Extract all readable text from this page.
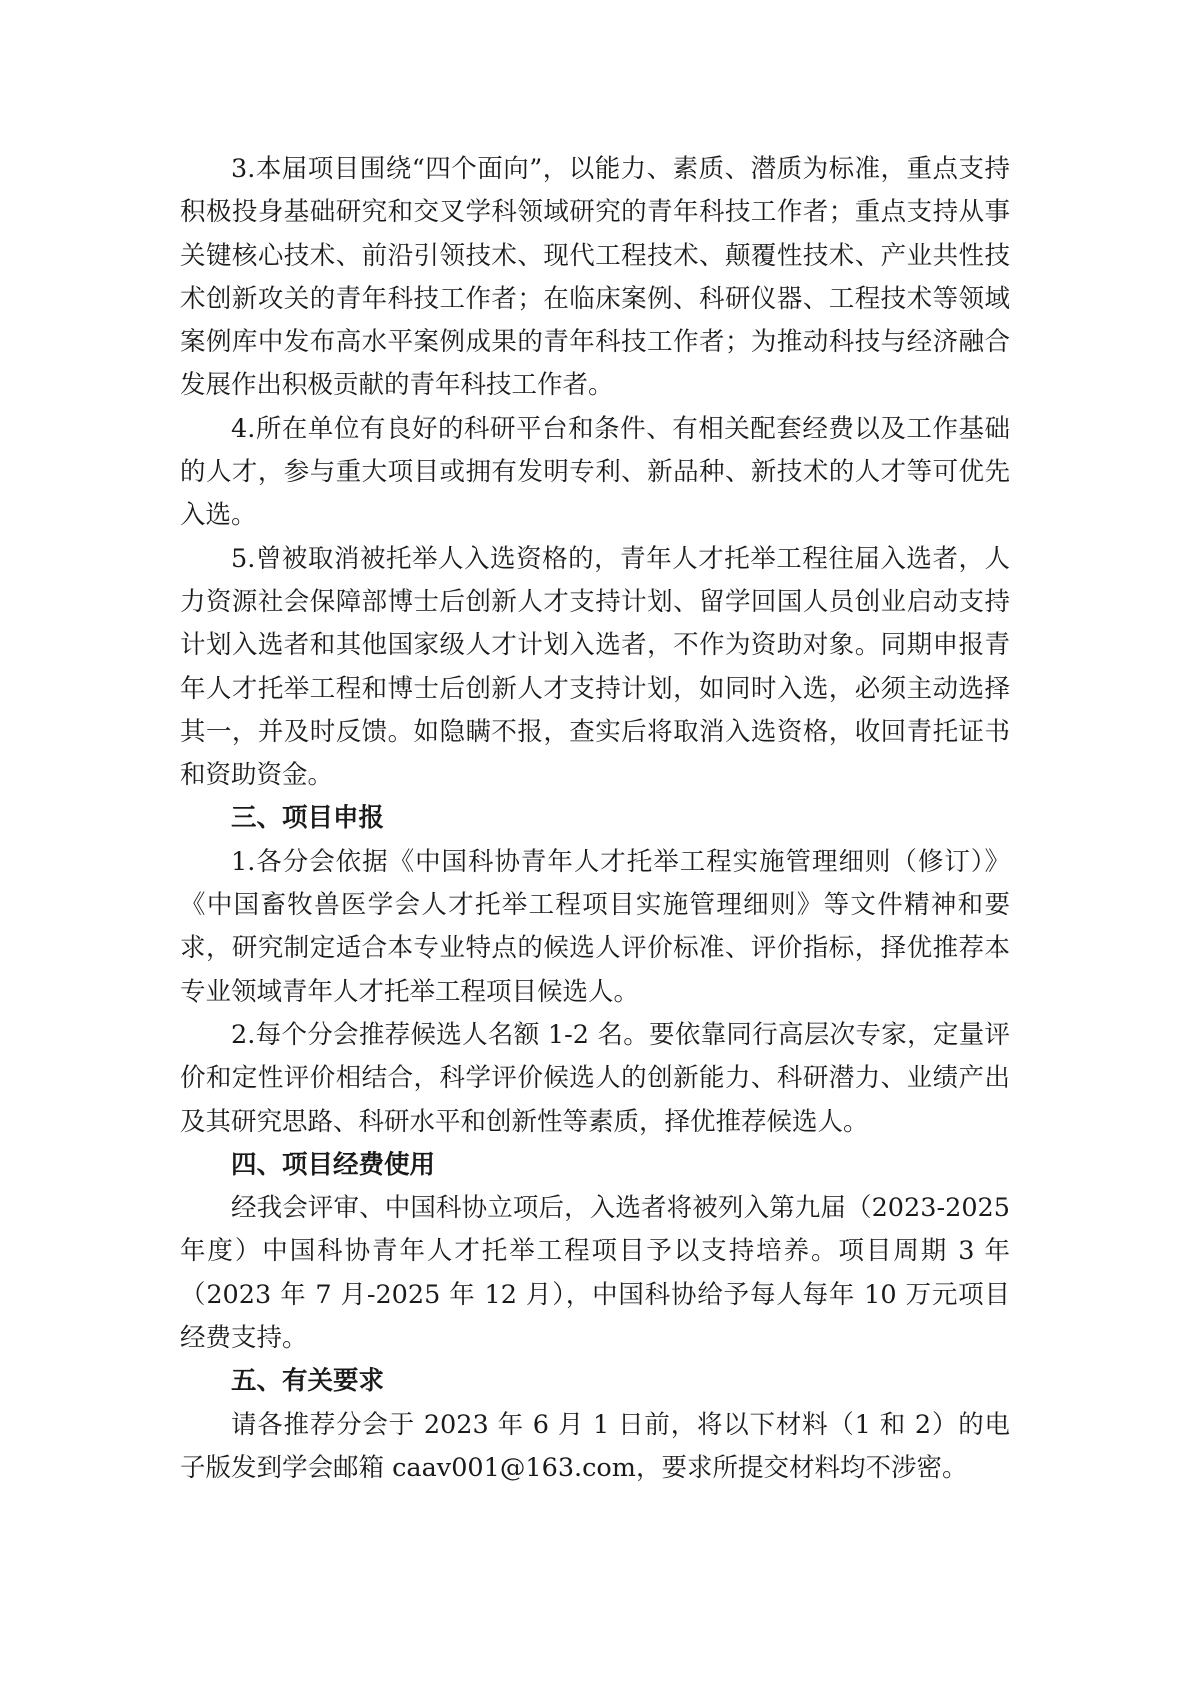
3.本届项目围绕“四个面向”，以能力、素质、潜质为标准，重点支持积极投身基础研究和交叉学科领域研究的青年科技工作者；重点支持从事关键核心技术、前沿引领技术、现代工程技术、颠覆性技术、产业共性技术创新攻关的青年科技工作者；在临床案例、科研仪器、工程技术等领域案例库中发布高水平案例成果的青年科技工作者；为推动科技与经济融合发展作出积极贡献的青年科技工作者。

4.所在单位有良好的科研平台和条件、有相关配套经费以及工作基础的人才，参与重大项目或拥有发明专利、新品种、新技术的人才等可优先入选。

5.曾被取消被托举人入选资格的，青年人才托举工程往届入选者，人力资源社会保障部博士后创新人才支持计划、留学回国人员创业启动支持计划入选者和其他国家级人才计划入选者，不作为资助对象。同期申报青年人才托举工程和博士后创新人才支持计划，如同时入选，必须主动选择其一，并及时反馈。如隐瞒不报，查实后将取消入选资格，收回青托证书和资助资金。

三、项目申报

1.各分会依据《中国科协青年人才托举工程实施管理细则（修订）》《中国畜牧兽医学会人才托举工程项目实施管理细则》等文件精神和要求，研究制定适合本专业特点的候选人评价标准、评价指标，择优推荐本专业领域青年人才托举工程项目候选人。

2.每个分会推荐候选人名额 1-2 名。要依靠同行高层次专家，定量评价和定性评价相结合，科学评价候选人的创新能力、科研潜力、业绩产出及其研究思路、科研水平和创新性等素质，择优推荐候选人。

四、项目经费使用

经我会评审、中国科协立项后，入选者将被列入第九届（2023-2025 年度）中国科协青年人才托举工程项目予以支持培养。项目周期 3 年（2023 年 7 月-2025 年 12 月），中国科协给予每人每年 10 万元项目经费支持。

五、有关要求

请各推荐分会于 2023 年 6 月 1 日前，将以下材料（1 和 2）的电子版发到学会邮箱 caav001@163.com，要求所提交材料均不涉密。
